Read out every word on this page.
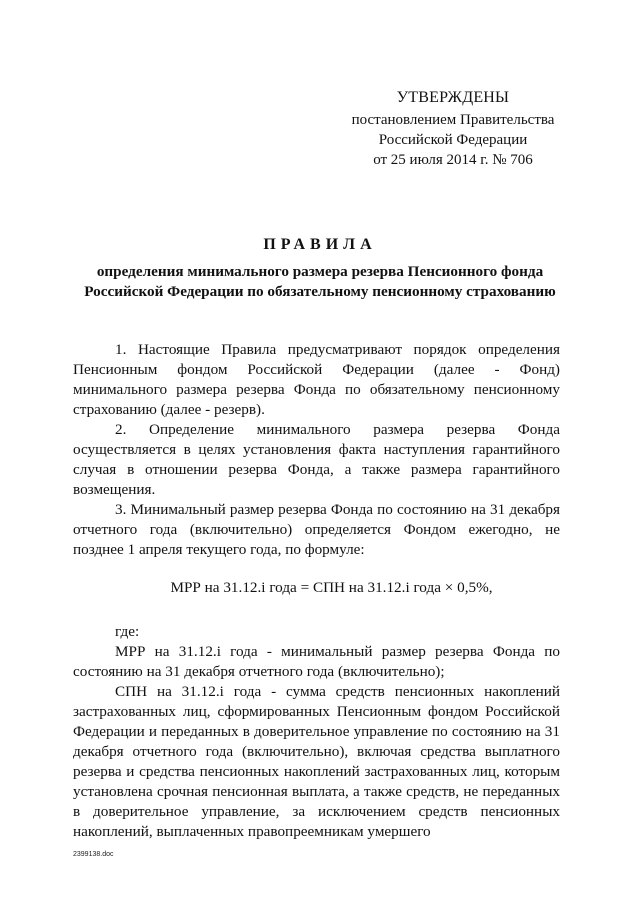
УТВЕРЖДЕНЫ
постановлением Правительства
Российской Федерации
от 25 июля 2014 г. № 706
ПРАВИЛА
определения минимального размера резерва Пенсионного фонда
Российской Федерации по обязательному пенсионному страхованию

1. Настоящие Правила предусматривают порядок определения Пенсионным фондом Российской Федерации (далее - Фонд) минимального размера резерва Фонда по обязательному пенсионному страхованию (далее - резерв).

2. Определение минимального размера резерва Фонда осуществляется в целях установления факта наступления гарантийного случая в отношении резерва Фонда, а также размера гарантийного возмещения.

3. Минимальный размер резерва Фонда по состоянию на 31 декабря отчетного года (включительно) определяется Фондом ежегодно, не позднее 1 апреля текущего года, по формуле:

МРР на 31.12.i года = СПН на 31.12.i года × 0,5%,

где:

МРР на 31.12.i года - минимальный размер резерва Фонда по состоянию на 31 декабря отчетного года (включительно);

СПН на 31.12.i года - сумма средств пенсионных накоплений застрахованных лиц, сформированных Пенсионным фондом Российской Федерации и переданных в доверительное управление по состоянию на 31 декабря отчетного года (включительно), включая средства выплатного резерва и средства пенсионных накоплений застрахованных лиц, которым установлена срочная пенсионная выплата, а также средств, не переданных в доверительное управление, за исключением средств пенсионных накоплений, выплаченных правопреемникам умершего

2399138.doc
